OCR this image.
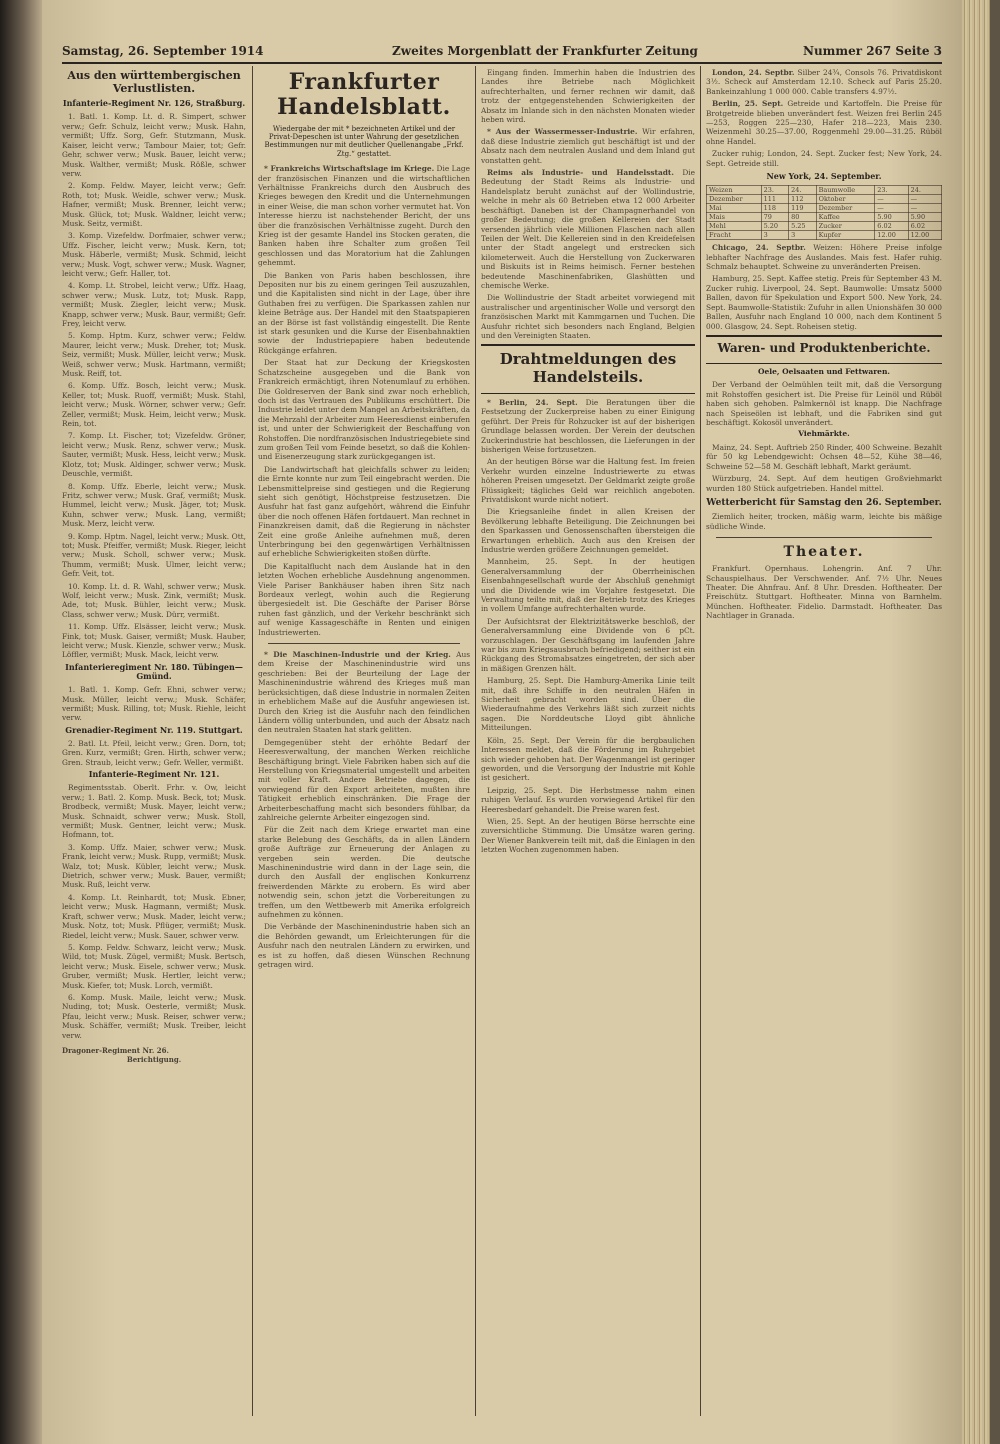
Samstag, 26. September 1914	Zweites Morgenblatt der Frankfurter Zeitung	Nummer 267 Seite 3
Aus den württembergischen Verlustlisten.
Infanterie-Regiment Nr. 126, Straßburg.

1. Batl. 1. Komp. Lt. d. R. Simpert, schwer verw.; Gefr. Schulz, leicht verw.; Musk. Hahn, vermißt; Uffz. Sorg, Gefr. Stutzmann, Musk. Kaiser, leicht verw.; Tambour Maier, tot; Gefr. Gehr, schwer verw.; Musk. Bauer, leicht verw.; Musk. Walther, vermißt; Musk. Rößle, schwer verw.

2. Komp. Feldw. Mayer, leicht verw.; Gefr. Roth, tot; Musk. Weidle, schwer verw.; Musk. Hafner, vermißt; Musk. Brenner, leicht verw.; Musk. Glück, tot; Musk. Waldner, leicht verw.; Musk. Seitz, vermißt.

3. Komp. Vizefeldw. Dorfmaier, schwer verw.; Uffz. Fischer, leicht verw.; Musk. Kern, tot; Musk. Häberle, vermißt; Musk. Schmid, leicht verw.; Musk. Vogt, schwer verw.; Musk. Wagner, leicht verw.; Gefr. Haller, tot.

4. Komp. Lt. Strobel, leicht verw.; Uffz. Haag, schwer verw.; Musk. Lutz, tot; Musk. Rapp, vermißt; Musk. Ziegler, leicht verw.; Musk. Knapp, schwer verw.; Musk. Baur, vermißt; Gefr. Frey, leicht verw.

5. Komp. Hptm. Kurz, schwer verw.; Feldw. Maurer, leicht verw.; Musk. Dreher, tot; Musk. Seiz, vermißt; Musk. Müller, leicht verw.; Musk. Weiß, schwer verw.; Musk. Hartmann, vermißt; Musk. Reiff, tot.

6. Komp. Uffz. Bosch, leicht verw.; Musk. Keller, tot; Musk. Ruoff, vermißt; Musk. Stahl, leicht verw.; Musk. Wörner, schwer verw.; Gefr. Zeller, vermißt; Musk. Heim, leicht verw.; Musk. Rein, tot.

7. Komp. Lt. Fischer, tot; Vizefeldw. Gröner, leicht verw.; Musk. Renz, schwer verw.; Musk. Sauter, vermißt; Musk. Hess, leicht verw.; Musk. Klotz, tot; Musk. Aldinger, schwer verw.; Musk. Deuschle, vermißt.

8. Komp. Uffz. Eberle, leicht verw.; Musk. Fritz, schwer verw.; Musk. Graf, vermißt; Musk. Hummel, leicht verw.; Musk. Jäger, tot; Musk. Kuhn, schwer verw.; Musk. Lang, vermißt; Musk. Merz, leicht verw.

9. Komp. Hptm. Nagel, leicht verw.; Musk. Ott, tot; Musk. Pfeiffer, vermißt; Musk. Rieger, leicht verw.; Musk. Scholl, schwer verw.; Musk. Thumm, vermißt; Musk. Ulmer, leicht verw.; Gefr. Veit, tot.

10. Komp. Lt. d. R. Wahl, schwer verw.; Musk. Wolf, leicht verw.; Musk. Zink, vermißt; Musk. Ade, tot; Musk. Bühler, leicht verw.; Musk. Class, schwer verw.; Musk. Dürr, vermißt.

11. Komp. Uffz. Elsässer, leicht verw.; Musk. Fink, tot; Musk. Gaiser, vermißt; Musk. Hauber, leicht verw.; Musk. Kienzle, schwer verw.; Musk. Löffler, vermißt; Musk. Mack, leicht verw.

Infanterieregiment Nr. 180. Tübingen—Gmünd.

1. Batl. 1. Komp. Gefr. Ehni, schwer verw.; Musk. Müller, leicht verw.; Musk. Schäfer, vermißt; Musk. Rilling, tot; Musk. Riehle, leicht verw.

Grenadier-Regiment Nr. 119. Stuttgart.

2. Batl. Lt. Pfeil, leicht verw.; Gren. Dorn, tot; Gren. Kurz, vermißt; Gren. Hirth, schwer verw.; Gren. Straub, leicht verw.; Gefr. Weller, vermißt.

Infanterie-Regiment Nr. 121.

Regimentsstab. Oberlt. Frhr. v. Ow, leicht verw.; 1. Batl. 2. Komp. Musk. Beck, tot; Musk. Brodbeck, vermißt; Musk. Mayer, leicht verw.; Musk. Schnaidt, schwer verw.; Musk. Stoll, vermißt; Musk. Gentner, leicht verw.; Musk. Hofmann, tot.

3. Komp. Uffz. Maier, schwer verw.; Musk. Frank, leicht verw.; Musk. Rupp, vermißt; Musk. Walz, tot; Musk. Kübler, leicht verw.; Musk. Dietrich, schwer verw.; Musk. Bauer, vermißt; Musk. Ruß, leicht verw.

4. Komp. Lt. Reinhardt, tot; Musk. Ebner, leicht verw.; Musk. Hagmann, vermißt; Musk. Kraft, schwer verw.; Musk. Mader, leicht verw.; Musk. Notz, tot; Musk. Pflüger, vermißt; Musk. Riedel, leicht verw.; Musk. Sauer, schwer verw.

5. Komp. Feldw. Schwarz, leicht verw.; Musk. Wild, tot; Musk. Zügel, vermißt; Musk. Bertsch, leicht verw.; Musk. Eisele, schwer verw.; Musk. Gruber, vermißt; Musk. Hertler, leicht verw.; Musk. Kiefer, tot; Musk. Lorch, vermißt.

6. Komp. Musk. Maile, leicht verw.; Musk. Nuding, tot; Musk. Oesterle, vermißt; Musk. Pfau, leicht verw.; Musk. Reiser, schwer verw.; Musk. Schäffer, vermißt; Musk. Treiber, leicht verw.

Dragoner-Regiment Nr. 26.
Berichtigung.
Frankfurter Handelsblatt.
Wiedergabe der mit * bezeichneten Artikel und der Privat-Depeschen ist unter Wahrung der gesetzlichen Bestimmungen nur mit deutlicher Quellenangabe „Frkf. Ztg.“ gestattet.

* Frankreichs Wirtschaftslage im Kriege. Die Lage der französischen Finanzen und die wirtschaftlichen Verhältnisse Frankreichs durch den Ausbruch des Krieges bewegen den Kredit und die Unternehmungen in einer Weise, die man schon vorher vermutet hat. Von Interesse hierzu ist nachstehender Bericht, der uns über die französischen Verhältnisse zugeht. Durch den Krieg ist der gesamte Handel ins Stocken geraten, die Banken haben ihre Schalter zum großen Teil geschlossen und das Moratorium hat die Zahlungen gehemmt.

Die Banken von Paris haben beschlossen, ihre Depositen nur bis zu einem geringen Teil auszuzahlen, und die Kapitalisten sind nicht in der Lage, über ihre Guthaben frei zu verfügen. Die Sparkassen zahlen nur kleine Beträge aus. Der Handel mit den Staatspapieren an der Börse ist fast vollständig eingestellt. Die Rente ist stark gesunken und die Kurse der Eisenbahnaktien sowie der Industriepapiere haben bedeutende Rückgänge erfahren.

Der Staat hat zur Deckung der Kriegskosten Schatzscheine ausgegeben und die Bank von Frankreich ermächtigt, ihren Notenumlauf zu erhöhen. Die Goldreserven der Bank sind zwar noch erheblich, doch ist das Vertrauen des Publikums erschüttert. Die Industrie leidet unter dem Mangel an Arbeitskräften, da die Mehrzahl der Arbeiter zum Heeresdienst einberufen ist, und unter der Schwierigkeit der Beschaffung von Rohstoffen. Die nordfranzösischen Industriegebiete sind zum großen Teil vom Feinde besetzt, so daß die Kohlen- und Eisenerzeugung stark zurückgegangen ist.

Die Landwirtschaft hat gleichfalls schwer zu leiden; die Ernte konnte nur zum Teil eingebracht werden. Die Lebensmittelpreise sind gestiegen und die Regierung sieht sich genötigt, Höchstpreise festzusetzen. Die Ausfuhr hat fast ganz aufgehört, während die Einfuhr über die noch offenen Häfen fortdauert. Man rechnet in Finanzkreisen damit, daß die Regierung in nächster Zeit eine große Anleihe aufnehmen muß, deren Unterbringung bei den gegenwärtigen Verhältnissen auf erhebliche Schwierigkeiten stoßen dürfte.

Die Kapitalflucht nach dem Auslande hat in den letzten Wochen erhebliche Ausdehnung angenommen. Viele Pariser Bankhäuser haben ihren Sitz nach Bordeaux verlegt, wohin auch die Regierung übergesiedelt ist. Die Geschäfte der Pariser Börse ruhen fast gänzlich, und der Verkehr beschränkt sich auf wenige Kassageschäfte in Renten und einigen Industriewerten.

* Die Maschinen-Industrie und der Krieg. Aus dem Kreise der Maschinenindustrie wird uns geschrieben: Bei der Beurteilung der Lage der Maschinenindustrie während des Krieges muß man berücksichtigen, daß diese Industrie in normalen Zeiten in erheblichem Maße auf die Ausfuhr angewiesen ist. Durch den Krieg ist die Ausfuhr nach den feindlichen Ländern völlig unterbunden, und auch der Absatz nach den neutralen Staaten hat stark gelitten.

Demgegenüber steht der erhöhte Bedarf der Heeresverwaltung, der manchen Werken reichliche Beschäftigung bringt. Viele Fabriken haben sich auf die Herstellung von Kriegsmaterial umgestellt und arbeiten mit voller Kraft. Andere Betriebe dagegen, die vorwiegend für den Export arbeiteten, mußten ihre Tätigkeit erheblich einschränken. Die Frage der Arbeiterbeschaffung macht sich besonders fühlbar, da zahlreiche gelernte Arbeiter eingezogen sind.

Für die Zeit nach dem Kriege erwartet man eine starke Belebung des Geschäfts, da in allen Ländern große Aufträge zur Erneuerung der Anlagen zu vergeben sein werden. Die deutsche Maschinenindustrie wird dann in der Lage sein, die durch den Ausfall der englischen Konkurrenz freiwerdenden Märkte zu erobern. Es wird aber notwendig sein, schon jetzt die Vorbereitungen zu treffen, um den Wettbewerb mit Amerika erfolgreich aufnehmen zu können.

Die Verbände der Maschinenindustrie haben sich an die Behörden gewandt, um Erleichterungen für die Ausfuhr nach den neutralen Ländern zu erwirken, und es ist zu hoffen, daß diesen Wünschen Rechnung getragen wird.

Eingang finden. Immerhin haben die Industrien des Landes ihre Betriebe nach Möglichkeit aufrechterhalten, und ferner rechnen wir damit, daß trotz der entgegenstehenden Schwierigkeiten der Absatz im Inlande sich in den nächsten Monaten wieder heben wird.

* Aus der Wassermesser-Industrie. Wir erfahren, daß diese Industrie ziemlich gut beschäftigt ist und der Absatz nach dem neutralen Ausland und dem Inland gut vonstatten geht.

Reims als Industrie- und Handelsstadt. Die Bedeutung der Stadt Reims als Industrie- und Handelsplatz beruht zunächst auf der Wollindustrie, welche in mehr als 60 Betrieben etwa 12 000 Arbeiter beschäftigt. Daneben ist der Champagnerhandel von großer Bedeutung; die großen Kellereien der Stadt versenden jährlich viele Millionen Flaschen nach allen Teilen der Welt. Die Kellereien sind in den Kreidefelsen unter der Stadt angelegt und erstrecken sich kilometerweit. Auch die Herstellung von Zuckerwaren und Biskuits ist in Reims heimisch. Ferner bestehen bedeutende Maschinenfabriken, Glashütten und chemische Werke.

Die Wollindustrie der Stadt arbeitet vorwiegend mit australischer und argentinischer Wolle und versorgt den französischen Markt mit Kammgarnen und Tuchen. Die Ausfuhr richtet sich besonders nach England, Belgien und den Vereinigten Staaten.

Drahtmeldungen des Handelsteils.

* Berlin, 24. Sept. Die Beratungen über die Festsetzung der Zuckerpreise haben zu einer Einigung geführt. Der Preis für Rohzucker ist auf der bisherigen Grundlage belassen worden. Der Verein der deutschen Zuckerindustrie hat beschlossen, die Lieferungen in der bisherigen Weise fortzusetzen.

An der heutigen Börse war die Haltung fest. Im freien Verkehr wurden einzelne Industriewerte zu etwas höheren Preisen umgesetzt. Der Geldmarkt zeigte große Flüssigkeit; tägliches Geld war reichlich angeboten. Privatdiskont wurde nicht notiert.

Die Kriegsanleihe findet in allen Kreisen der Bevölkerung lebhafte Beteiligung. Die Zeichnungen bei den Sparkassen und Genossenschaften übersteigen die Erwartungen erheblich. Auch aus den Kreisen der Industrie werden größere Zeichnungen gemeldet.

Mannheim, 25. Sept. In der heutigen Generalversammlung der Oberrheinischen Eisenbahngesellschaft wurde der Abschluß genehmigt und die Dividende wie im Vorjahre festgesetzt. Die Verwaltung teilte mit, daß der Betrieb trotz des Krieges in vollem Umfange aufrechterhalten wurde.

Der Aufsichtsrat der Elektrizitätswerke beschloß, der Generalversammlung eine Dividende von 6 pCt. vorzuschlagen. Der Geschäftsgang im laufenden Jahre war bis zum Kriegsausbruch befriedigend; seither ist ein Rückgang des Stromabsatzes eingetreten, der sich aber in mäßigen Grenzen hält.

Hamburg, 25. Sept. Die Hamburg-Amerika Linie teilt mit, daß ihre Schiffe in den neutralen Häfen in Sicherheit gebracht worden sind. Über die Wiederaufnahme des Verkehrs läßt sich zurzeit nichts sagen. Die Norddeutsche Lloyd gibt ähnliche Mitteilungen.

Köln, 25. Sept. Der Verein für die bergbaulichen Interessen meldet, daß die Förderung im Ruhrgebiet sich wieder gehoben hat. Der Wagenmangel ist geringer geworden, und die Versorgung der Industrie mit Kohle ist gesichert.

Leipzig, 25. Sept. Die Herbstmesse nahm einen ruhigen Verlauf. Es wurden vorwiegend Artikel für den Heeresbedarf gehandelt. Die Preise waren fest.

Wien, 25. Sept. An der heutigen Börse herrschte eine zuversichtliche Stimmung. Die Umsätze waren gering. Der Wiener Bankverein teilt mit, daß die Einlagen in den letzten Wochen zugenommen haben.

London, 24. Septbr. Silber 24¾, Consols 76. Privatdiskont 3½. Scheck auf Amsterdam 12.10. Scheck auf Paris 25.20. Bankeinzahlung 1 000 000. Cable transfers 4.97½.

Berlin, 25. Sept. Getreide und Kartoffeln. Die Preise für Brotgetreide blieben unverändert fest. Weizen frei Berlin 245—253, Roggen 225—230, Hafer 218—223, Mais 230. Weizenmehl 30.25—37.00, Roggenmehl 29.00—31.25. Rüböl ohne Handel.

Zucker ruhig; London, 24. Sept. Zucker fest; New York, 24. Sept. Getreide still.

New York, 24. September.
Weizen	23.	24.	Baumwolle	23.	24.
Dezember	111	112	Oktober	—	—
Mai	118	119	Dezember	—	—
Mais	79	80	Kaffee	5.90	5.90
Mehl	5.20	5.25	Zucker	6.02	6.02
Fracht	3	3	Kupfer	12.00	12.00

Chicago, 24. Septbr. Weizen: Höhere Preise infolge lebhafter Nachfrage des Auslandes. Mais fest. Hafer ruhig. Schmalz behauptet. Schweine zu unveränderten Preisen.

Hamburg, 25. Sept. Kaffee stetig. Preis für September 43 M. Zucker ruhig. Liverpool, 24. Sept. Baumwolle: Umsatz 5000 Ballen, davon für Spekulation und Export 500. New York, 24. Sept. Baumwolle-Statistik: Zufuhr in allen Unionshäfen 30 000 Ballen, Ausfuhr nach England 10 000, nach dem Kontinent 5 000. Glasgow, 24. Sept. Roheisen stetig.

Waren- und Produktenberichte.
Oele, Oelsaaten und Fettwaren.

Der Verband der Oelmühlen teilt mit, daß die Versorgung mit Rohstoffen gesichert ist. Die Preise für Leinöl und Rüböl haben sich gehoben. Palmkernöl ist knapp. Die Nachfrage nach Speiseölen ist lebhaft, und die Fabriken sind gut beschäftigt. Kokosöl unverändert.

Viehmärkte.

Mainz, 24. Sept. Auftrieb 250 Rinder, 400 Schweine. Bezahlt für 50 kg Lebendgewicht: Ochsen 48—52, Kühe 38—46, Schweine 52—58 M. Geschäft lebhaft, Markt geräumt.

Würzburg, 24. Sept. Auf dem heutigen Großviehmarkt wurden 180 Stück aufgetrieben. Handel mittel.

Wetterbericht für Samstag den 26. September.

Ziemlich heiter, trocken, mäßig warm, leichte bis mäßige südliche Winde.

Theater.

Frankfurt. Opernhaus. Lohengrin. Anf. 7 Uhr. Schauspielhaus. Der Verschwender. Anf. 7½ Uhr. Neues Theater. Die Ahnfrau. Anf. 8 Uhr. Dresden. Hoftheater. Der Freischütz. Stuttgart. Hoftheater. Minna von Barnhelm. München. Hoftheater. Fidelio. Darmstadt. Hoftheater. Das Nachtlager in Granada.
